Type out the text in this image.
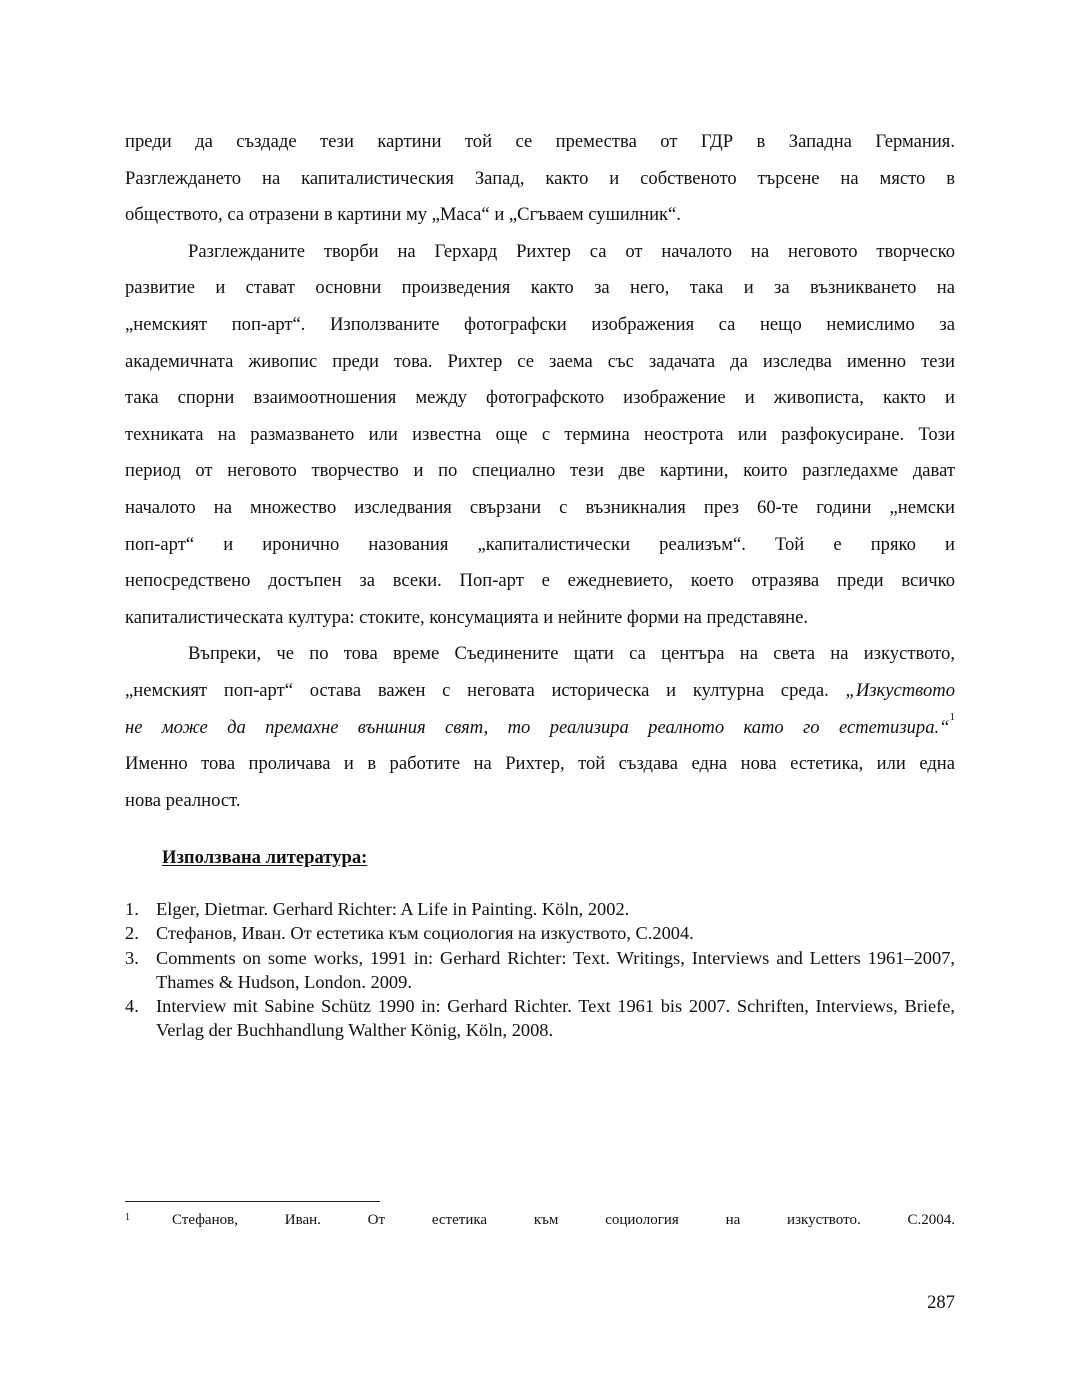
преди да създаде тези картини той се премества от ГДР в Западна Германия.
Разглеждането на капиталистическия Запад, както и собственото търсене на място в
обществото, са отразени в картини му „Маса“ и „Сгъваем сушилник“.
Разглежданите творби на Герхард Рихтер са от началото на неговото творческо
развитие и стават основни произведения както за него, така и за възникването на
„немският поп-арт“. Използваните фотографски изображения са нещо немислимо за
академичната живопис преди това. Рихтер се заема със задачата да изследва именно тези
така спорни взаимоотношения между фотографското изображение и живописта, както и
техниката на размазването или известна още с термина неострота или разфокусиране. Този
период от неговото творчество и по специално тези две картини, които разгледахме дават
началото на множество изследвания свързани с възникналия през 60-те години „немски
поп-арт“ и иронично назования „капиталистически реализъм“. Той е пряко и
непосредствено достъпен за всеки. Поп-арт е ежедневието, което отразява преди всичко
капиталистическата култура: стоките, консумацията и нейните форми на представяне.
Въпреки, че по това време Съединените щати са центъра на света на изкуството,
„немският поп-арт“ остава важен с неговата историческа и културна среда. „Изкуството
не може да премахне външния свят, то реализира реалното като го естетизира.“$^1$
Именно това проличава и в работите на Рихтер, той създава една нова естетика, или една
нова реалност.
Използвана литература:
1. Elger, Dietmar. Gerhard Richter: A Life in Painting. Köln, 2002.
2. Стефанов, Иван. От естетика към социология на изкуството, С.2004.
3. Comments on some works, 1991 in: Gerhard Richter: Text. Writings, Interviews and Letters 1961–2007, Thames & Hudson, London. 2009.
4. Interview mit Sabine Schütz 1990 in: Gerhard Richter. Text 1961 bis 2007. Schriften, Interviews, Briefe, Verlag der Buchhandlung Walther König, Köln, 2008.
1	Стефанов, Иван. От естетика към социология на изкуството. С.2004.
287
